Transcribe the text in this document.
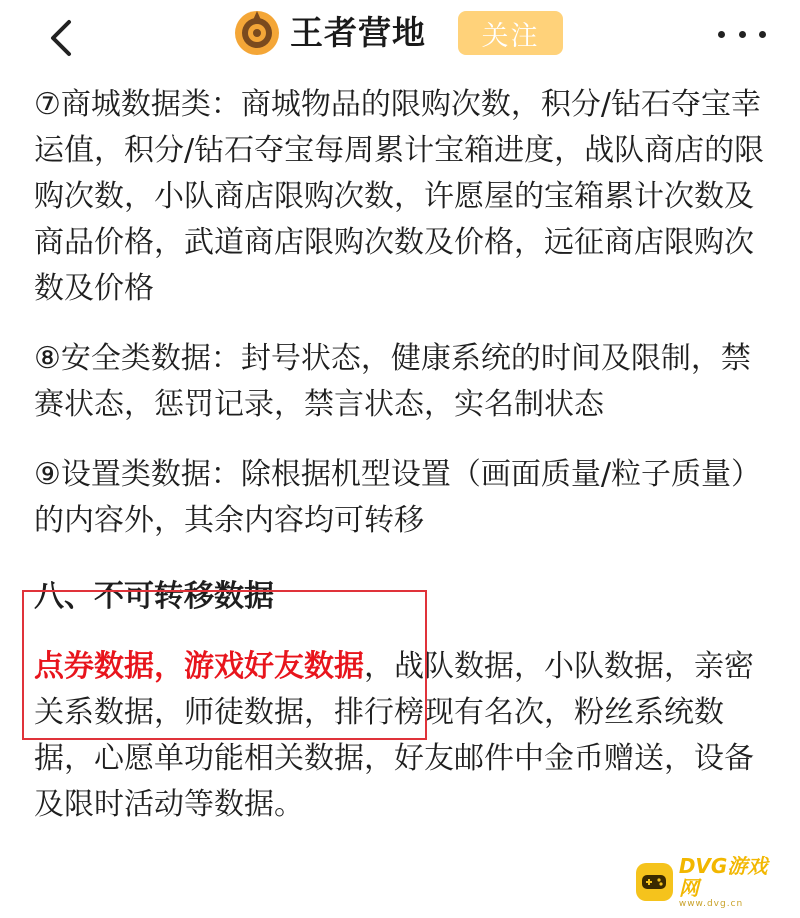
王者营地	关注

⑦商城数据类：商城物品的限购次数，积分/钻石夺宝幸运值，积分/钻石夺宝每周累计宝箱进度，战队商店的限购次数，小队商店限购次数，许愿屋的宝箱累计次数及商品价格，武道商店限购次数及价格，远征商店限购次数及价格

⑧安全类数据：封号状态，健康系统的时间及限制，禁赛状态，惩罚记录，禁言状态，实名制状态

⑨设置类数据：除根据机型设置（画面质量/粒子质量）的内容外，其余内容均可转移

八、不可转移数据

点券数据，游戏好友数据，战队数据，小队数据，亲密关系数据，师徒数据，排行榜现有名次，粉丝系统数据，心愿单功能相关数据，好友邮件中金币赠送，设备及限时活动等数据。

DVG游戏网
www.dvg.cn
